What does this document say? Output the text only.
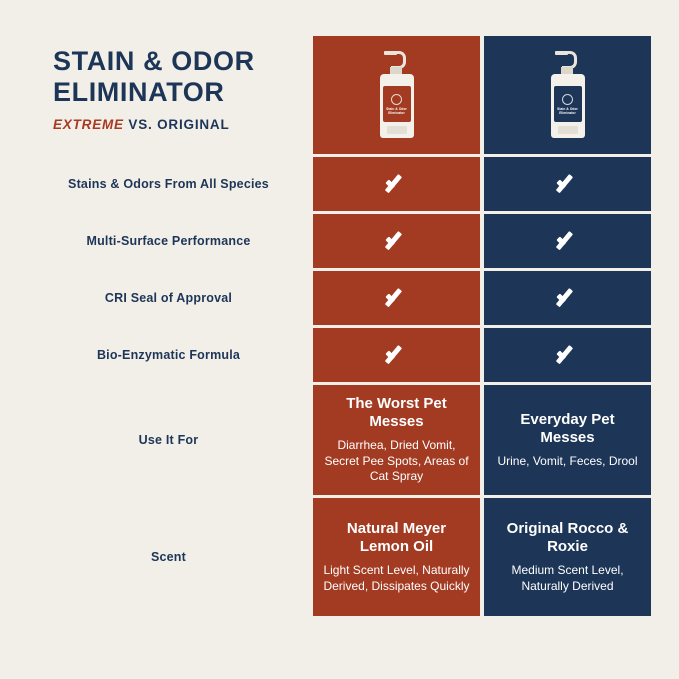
STAIN & ODOR
ELIMINATOR
EXTREME VS. ORIGINAL
Stain & Odor Eliminator
Stain & Odor Eliminator
Stains & Odors From All Species
Multi-Surface Performance
CRI Seal of Approval
Bio-Enzymatic Formula
Use It For
The Worst Pet Messes
Diarrhea, Dried Vomit, Secret Pee Spots, Areas of Cat Spray
Everyday Pet Messes
Urine, Vomit, Feces, Drool
Scent
Natural Meyer Lemon Oil
Light Scent Level, Naturally Derived, Dissipates Quickly
Original Rocco & Roxie
Medium Scent Level, Naturally Derived
